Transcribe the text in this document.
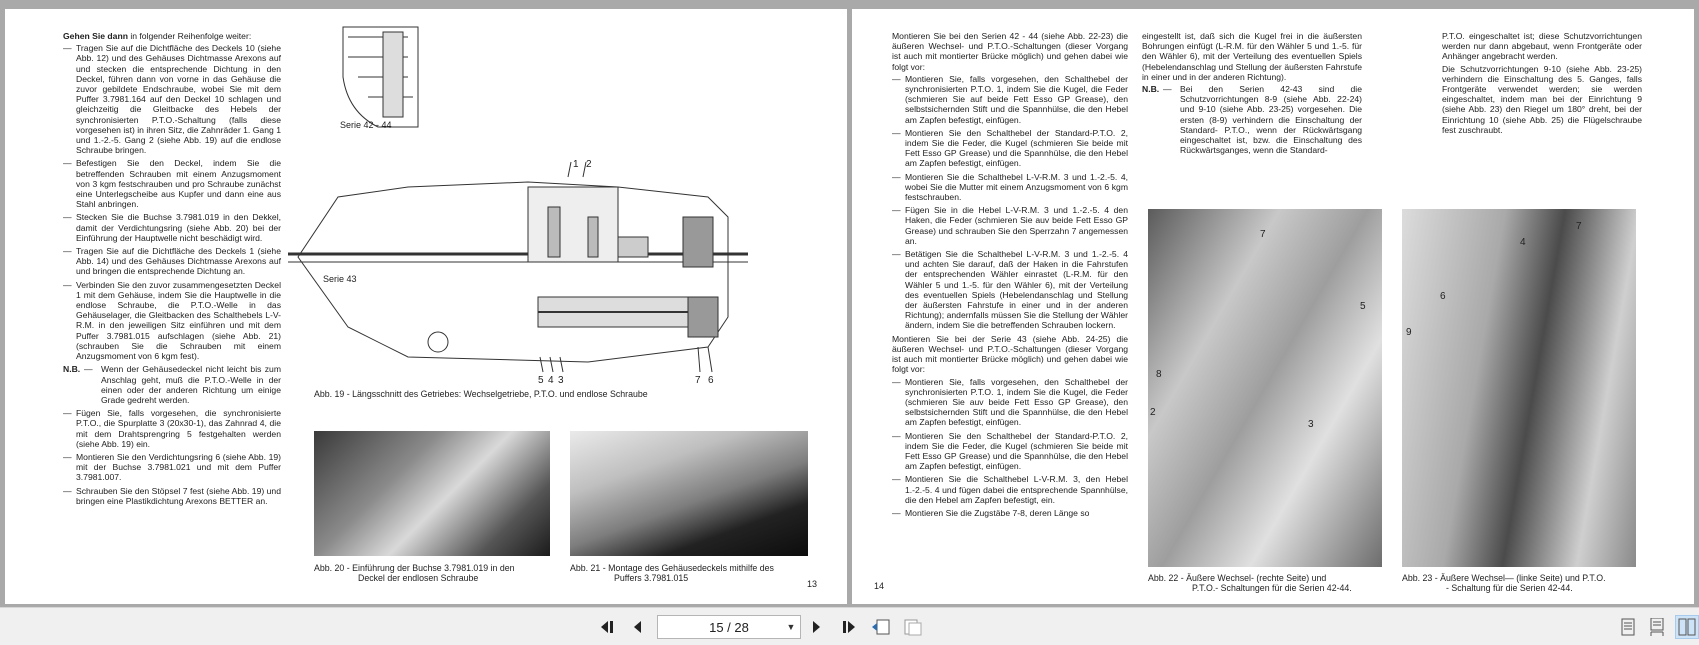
Gehen Sie dann in folgender Reihenfolge weiter:

— Tragen Sie auf die Dichtfläche des Deckels 10 (siehe Abb. 12) und des Gehäuses Dichtmasse Arexons auf und stecken die entsprechende Dichtung in den Deckel, führen dann von vorne in das Gehäuse die zuvor gebildete Endschraube, wobei Sie mit dem Puffer 3.7981.164 auf den Deckel 10 schlagen und gleichzeitig die Gleitbacke des Hebels der synchronisierten P.T.O.-Schaltung (falls diese vorgesehen ist) in ihren Sitz, die Zahnräder 1. Gang 1 und 1.-2.-5. Gang 2 (siehe Abb. 19) auf die endlose Schraube bringen.
— Befestigen Sie den Deckel, indem Sie die betreffenden Schrauben mit einem Anzugsmoment von 3 kgm festschrauben und pro Schraube zunächst eine Unterlegscheibe aus Kupfer und dann eine aus Stahl anbringen.
— Stecken Sie die Buchse 3.7981.019 in den Dekkel, damit der Verdichtungsring (siehe Abb. 20) bei der Einführung der Hauptwelle nicht beschädigt wird.
— Tragen Sie auf die Dichtfläche des Deckels 1 (siehe Abb. 14) und des Gehäuses Dichtmasse Arexons auf und bringen die entsprechende Dichtung an.
— Verbinden Sie den zuvor zusammengesetzten Deckel 1 mit dem Gehäuse, indem Sie die Hauptwelle in die endlose Schraube, die P.T.O.-Welle in das Gehäuselager, die Gleitbacken des Schalthebels L-V-R.M. in den jeweiligen Sitz einführen und mit dem Puffer 3.7981.015 aufschlagen (siehe Abb. 21) (schrauben Sie die Schrauben mit einem Anzugsmoment von 6 kgm fest).
N.B. — Wenn der Gehäusedeckel nicht leicht bis zum Anschlag geht, muß die P.T.O.-Welle in der einen oder der anderen Richtung um einige Grade gedreht werden.
— Fügen Sie, falls vorgesehen, die synchronisierte P.T.O., die Spurplatte 3 (20x30-1), das Zahnrad 4, die mit dem Drahtsprengring 5 festgehalten werden (siehe Abb. 19) ein.
— Montieren Sie den Verdichtungsring 6 (siehe Abb. 19) mit der Buchse 3.7981.021 und mit dem Puffer 3.7981.007.
— Schrauben Sie den Stöpsel 7 fest (siehe Abb. 19) und bringen eine Plastikdichtung Arexons BETTER an.
Serie 42 - 44
Serie 43
1 2
5 4 3	7 6
Abb. 19 - Längsschnitt des Getriebes: Wechselgetriebe, P.T.O. und endlose Schraube
Abb. 20 - Einführung der Buchse 3.7981.019 in den
Deckel der endlosen Schraube
Abb. 21 - Montage des Gehäusedeckels mithilfe des
Puffers 3.7981.015
13

Montieren Sie bei den Serien 42 - 44 (siehe Abb. 22-23) die äußeren Wechsel- und P.T.O.-Schaltungen (dieser Vorgang ist auch mit montierter Brücke möglich) und gehen dabei wie folgt vor:

— Montieren Sie, falls vorgesehen, den Schalthebel der synchronisierten P.T.O. 1, indem Sie die Kugel, die Feder (schmieren Sie auf beide Fett Esso GP Grease), den selbstsichernden Stift und die Spannhülse, die den Hebel am Zapfen befestigt, einfügen.
— Montieren Sie den Schalthebel der Standard-P.T.O. 2, indem Sie die Feder, die Kugel (schmieren Sie beide mit Fett Esso GP Grease) und die Spannhülse, die den Hebel am Zapfen befestigt, einfügen.
— Montieren Sie die Schalthebel L-V-R.M. 3 und 1.-2.-5. 4, wobei Sie die Mutter mit einem Anzugsmoment von 6 kgm festschrauben.
— Fügen Sie in die Hebel L-V-R.M. 3 und 1.-2.-5. 4 den Haken, die Feder (schmieren Sie auv beide Fett Esso GP Grease) und schrauben Sie den Sperrzahn 7 angemessen an.
— Betätigen Sie die Schalthebel L-V-R.M. 3 und 1.-2.-5. 4 und achten Sie darauf, daß der Haken in die Fahrstufen der entsprechenden Wähler einrastet (L-R.M. für den Wähler 5 und 1.-5. für den Wähler 6), mit der Verteilung des eventuellen Spiels (Hebelendanschlag und Stellung der äußersten Fahrstufe in einer und in der anderen Richtung); andernfalls müssen Sie die Stellung der Wähler ändern, indem Sie die betreffenden Schrauben lockern.

Montieren Sie bei der Serie 43 (siehe Abb. 24-25) die äußeren Wechsel- und P.T.O.-Schaltungen (dieser Vorgang ist auch mit montierter Brücke möglich) und gehen dabei wie folgt vor:

— Montieren Sie, falls vorgesehen, den Schalthebel der synchronisierten P.T.O. 1, indem Sie die Kugel, die Feder (schmieren Sie auv beide Fett Esso GP Grease), den selbstsichernden Stift und die Spannhülse, die den Hebel am Zapfen befestigt, einfügen.
— Montieren Sie den Schalthebel der Standard-P.T.O. 2, indem Sie die Feder, die Kugel (schmieren Sie beide mit Fett Esso GP Grease) und die Spannhülse, die den Hebel am Zapfen befestigt, einfügen.
— Montieren Sie die Schalthebel L-V-R.M. 3, den Hebel 1.-2.-5. 4 und fügen dabei die entsprechende Spannhülse, die den Hebel am Zapfen befestigt, ein.
— Montieren Sie die Zugstäbe 7-8, deren Länge so

eingestellt ist, daß sich die Kugel frei in die äußersten Bohrungen einfügt (L-R.M. für den Wähler 5 und 1.-5. für den Wähler 6), mit der Verteilung des eventuellen Spiels (Hebelendanschlag und Stellung der äußersten Fahrstufe in einer und in der anderen Richtung).

N.B. — Bei den Serien 42-43 sind die Schutzvorrichtungen 8-9 (siehe Abb. 22-24) und 9-10 (siehe Abb. 23-25) vorgesehen. Die ersten (8-9) verhindern die Einschaltung der Standard- P.T.O., wenn der Rückwärtsgang eingeschaltet ist, bzw. die Einschaltung des Rückwärtsganges, wenn die Standard-

P.T.O. eingeschaltet ist; diese Schutzvorrichtungen werden nur dann abgebaut, wenn Frontgeräte oder Anhänger angebracht werden.

Die Schutzvorrichtungen 9-10 (siehe Abb. 23-25) verhindern die Einschaltung des 5. Ganges, falls Frontgeräte verwendet werden; sie werden eingeschaltet, indem man bei der Einrichtung 9 (siehe Abb. 23) den Riegel um 180° dreht, bei der Einrichtung 10 (siehe Abb. 25) die Flügelschraube fest zuschraubt.

7
5
8
2
3
Abb. 22 - Äußere Wechsel- (rechte Seite) und
P.T.O.- Schaltungen für die Serien 42-44.
4
7
6
9
Abb. 23 - Äußere Wechsel— (linke Seite) und P.T.O.
- Schaltung für die Serien 42-44.
14
15 / 28	▼
